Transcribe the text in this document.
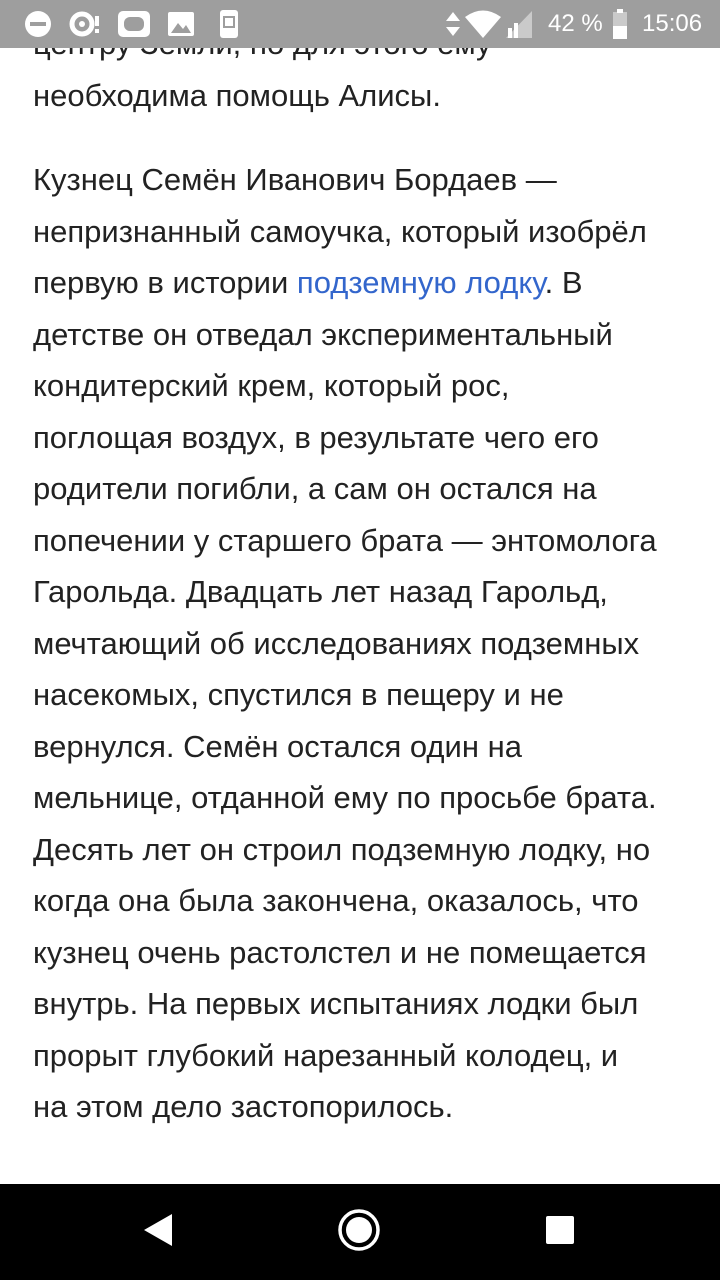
необходима помощь Алисы.

Кузнец Семён Иванович Бордаев —
непризнанный самоучка, который изобрёл
первую в истории подземную лодку. В
детстве он отведал экспериментальный
кондитерский крем, который рос,
поглощая воздух, в результате чего его
родители погибли, а сам он остался на
попечении у старшего брата — энтомолога
Гарольда. Двадцать лет назад Гарольд,
мечтающий об исследованиях подземных
насекомых, спустился в пещеру и не
вернулся. Семён остался один на
мельнице, отданной ему по просьбе брата.
Десять лет он строил подземную лодку, но
когда она была закончена, оказалось, что
кузнец очень растолстел и не помещается
внутрь. На первых испытаниях лодки был
прорыт глубокий нарезанный колодец, и
на этом дело застопорилось.

42 % 15:06
